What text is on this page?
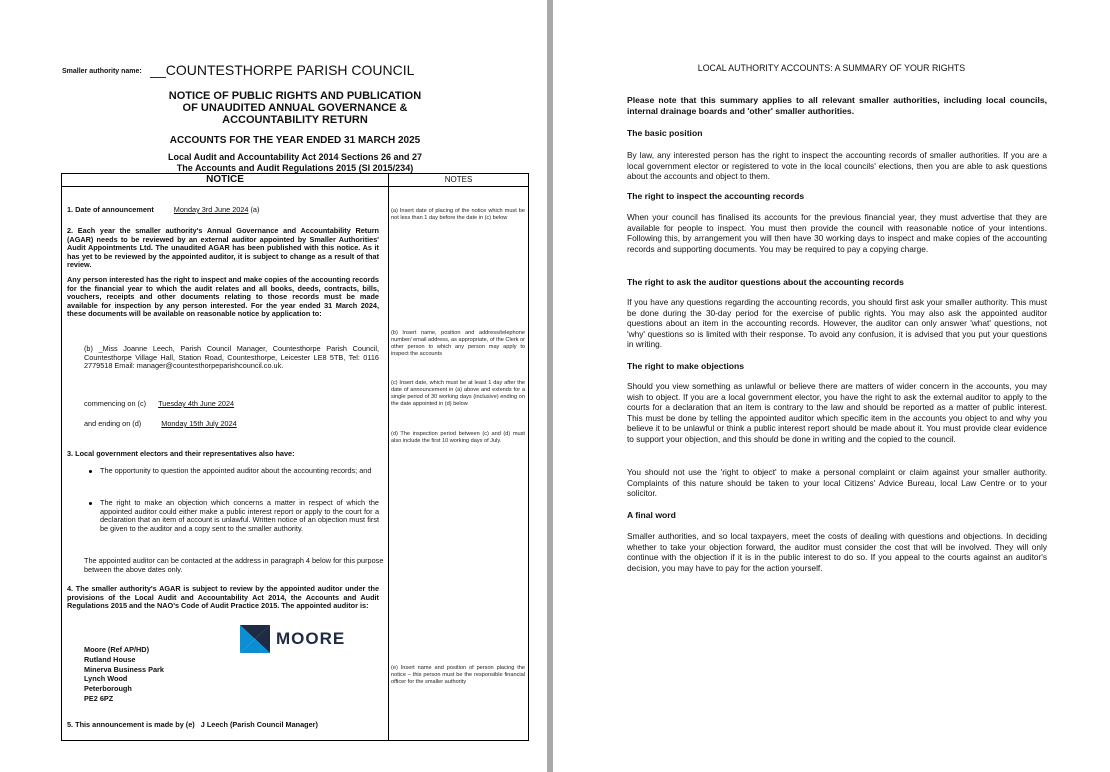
Smaller authority name: __COUNTESTHORPE PARISH COUNCIL
NOTICE OF PUBLIC RIGHTS AND PUBLICATION
OF UNAUDITED ANNUAL GOVERNANCE &
ACCOUNTABILITY RETURN
ACCOUNTS FOR THE YEAR ENDED 31 MARCH 2025
Local Audit and Accountability Act 2014 Sections 26 and 27
The Accounts and Audit Regulations 2015 (SI 2015/234)
NOTICE	NOTES
1. Date of announcement	Monday 3rd June 2024 (a)
2. Each year the smaller authority's Annual Governance and Accountability Return (AGAR) needs to be reviewed by an external auditor appointed by Smaller Authorities' Audit Appointments Ltd. The unaudited AGAR has been published with this notice. As it has yet to be reviewed by the appointed auditor, it is subject to change as a result of that review.
Any person interested has the right to inspect and make copies of the accounting records for the financial year to which the audit relates and all books, deeds, contracts, bills, vouchers, receipts and other documents relating to those records must be made available for inspection by any person interested. For the year ended 31 March 2024, these documents will be available on reasonable notice by application to:
(b) _Miss Joanne Leech, Parish Council Manager, Countesthorpe Parish Council, Countesthorpe Village Hall, Station Road, Countesthorpe, Leicester LE8 5TB, Tel: 0116 2779518 Email: manager@countesthorpeparishcouncil.co.uk.
commencing on (c) Tuesday 4th June 2024
and ending on (d)	Monday 15th July 2024
3. Local government electors and their representatives also have:
The opportunity to question the appointed auditor about the accounting records; and
The right to make an objection which concerns a matter in respect of which the appointed auditor could either make a public interest report or apply to the court for a declaration that an item of account is unlawful. Written notice of an objection must first be given to the auditor and a copy sent to the smaller authority.
The appointed auditor can be contacted at the address in paragraph 4 below for this purpose between the above dates only.
4. The smaller authority's AGAR is subject to review by the appointed auditor under the provisions of the Local Audit and Accountability Act 2014, the Accounts and Audit Regulations 2015 and the NAO's Code of Audit Practice 2015. The appointed auditor is:
Moore (Ref AP/HD)
Rutland House
Minerva Business Park
Lynch Wood
Peterborough
PE2 6PZ
5. This announcement is made by (e) J Leech (Parish Council Manager)
(a) Insert date of placing of the notice which must be not less than 1 day before the date in (c) below
(b) Insert name, position and address/telephone number/ email address, as appropriate, of the Clerk or other person to which any person may apply to inspect the accounts
(c) Insert date, which must be at least 1 day after the date of announcement in (a) above and extends for a single period of 30 working days (inclusive) ending on the date appointed in (d) below
(d) The inspection period between (c) and (d) must also include the first 10 working days of July.
(e) Insert name and position of person placing the notice – this person must be the responsible financial officer for the smaller authority
MOORE
LOCAL AUTHORITY ACCOUNTS: A SUMMARY OF YOUR RIGHTS
Please note that this summary applies to all relevant smaller authorities, including local councils, internal drainage boards and 'other' smaller authorities.
The basic position
By law, any interested person has the right to inspect the accounting records of smaller authorities. If you are a local government elector or registered to vote in the local councils' elections, then you are able to ask questions about the accounts and object to them.
The right to inspect the accounting records
When your council has finalised its accounts for the previous financial year, they must advertise that they are available for people to inspect. You must then provide the council with reasonable notice of your intentions. Following this, by arrangement you will then have 30 working days to inspect and make copies of the accounting records and supporting documents. You may be required to pay a copying charge.
The right to ask the auditor questions about the accounting records
If you have any questions regarding the accounting records, you should first ask your smaller authority. This must be done during the 30-day period for the exercise of public rights. You may also ask the appointed auditor questions about an item in the accounting records. However, the auditor can only answer 'what' questions, not 'why' questions so is limited with their response. To avoid any confusion, it is advised that you put your questions in writing.
The right to make objections
Should you view something as unlawful or believe there are matters of wider concern in the accounts, you may wish to object. If you are a local government elector, you have the right to ask the external auditor to apply to the courts for a declaration that an item is contrary to the law and should be reported as a matter of public interest. This must be done by telling the appointed auditor which specific item in the accounts you object to and why you believe it to be unlawful or think a public interest report should be made about it. You must provide clear evidence to support your objection, and this should be done in writing and the copied to the council.
You should not use the 'right to object' to make a personal complaint or claim against your smaller authority. Complaints of this nature should be taken to your local Citizens' Advice Bureau, local Law Centre or to your solicitor.
A final word
Smaller authorities, and so local taxpayers, meet the costs of dealing with questions and objections. In deciding whether to take your objection forward, the auditor must consider the cost that will be involved. They will only continue with the objection if it is in the public interest to do so. If you appeal to the courts against an auditor's decision, you may have to pay for the action yourself.
